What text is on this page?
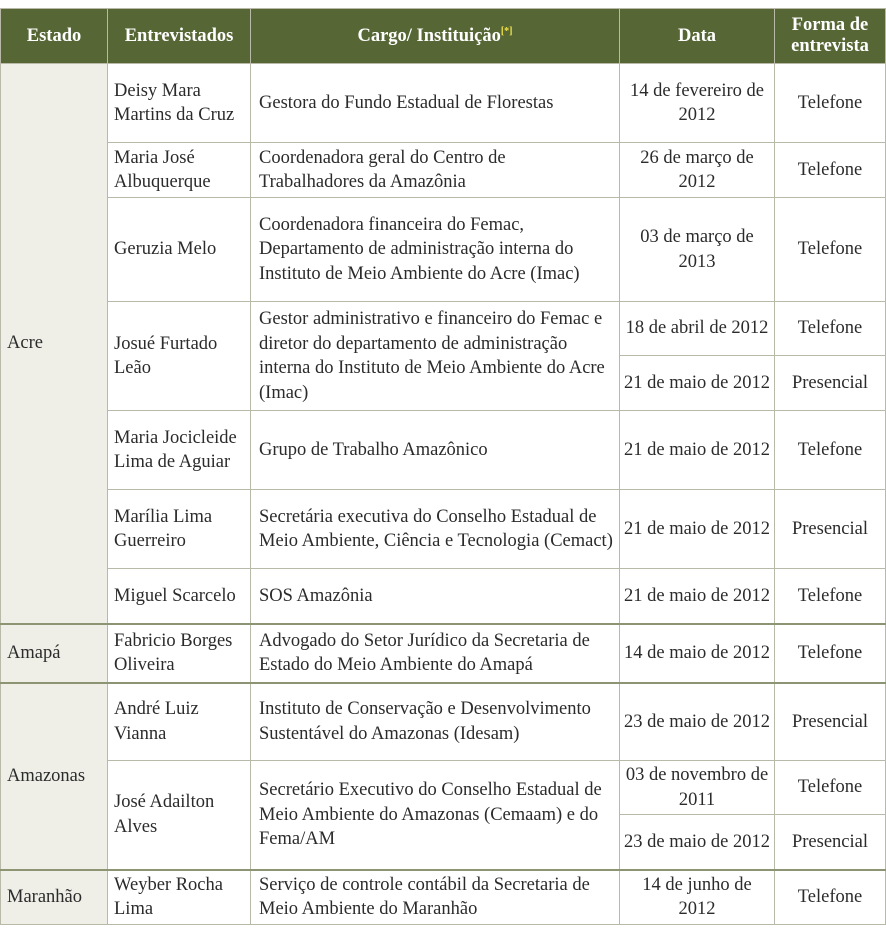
Estado	Entrevistados	Cargo/ Instituição[*]	Data	Forma de entrevista
Acre	Deisy Mara Martins da Cruz	Gestora do Fundo Estadual de Florestas	14 de fevereiro de 2012	Telefone
	Maria José Albuquerque	Coordenadora geral do Centro de Trabalhadores da Amazônia	26 de março de 2012	Telefone
	Geruzia Melo	Coordenadora financeira do Femac, Departamento de administração interna do Instituto de Meio Ambiente do Acre (Imac)	03 de março de 2013	Telefone
	Josué Furtado Leão	Gestor administrativo e financeiro do Femac e diretor do departamento de administração interna do Instituto de Meio Ambiente do Acre (Imac)	18 de abril de 2012	Telefone
			21 de maio de 2012	Presencial
	Maria Jocicleide Lima de Aguiar	Grupo de Trabalho Amazônico	21 de maio de 2012	Telefone
	Marília Lima Guerreiro	Secretária executiva do Conselho Estadual de Meio Ambiente, Ciência e Tecnologia (Cemact)	21 de maio de 2012	Presencial
	Miguel Scarcelo	SOS Amazônia	21 de maio de 2012	Telefone
Amapá	Fabricio Borges Oliveira	Advogado do Setor Jurídico da Secretaria de Estado do Meio Ambiente do Amapá	14 de maio de 2012	Telefone
Amazonas	André Luiz Vianna	Instituto de Conservação e Desenvolvimento Sustentável do Amazonas (Idesam)	23 de maio de 2012	Presencial
	José Adailton Alves	Secretário Executivo do Conselho Estadual de Meio Ambiente do Amazonas (Cemaam) e do Fema/AM	03 de novembro de 2011	Telefone
			23 de maio de 2012	Presencial
Maranhão	Weyber Rocha Lima	Serviço de controle contábil da Secretaria de Meio Ambiente do Maranhão	14 de junho de 2012	Telefone
